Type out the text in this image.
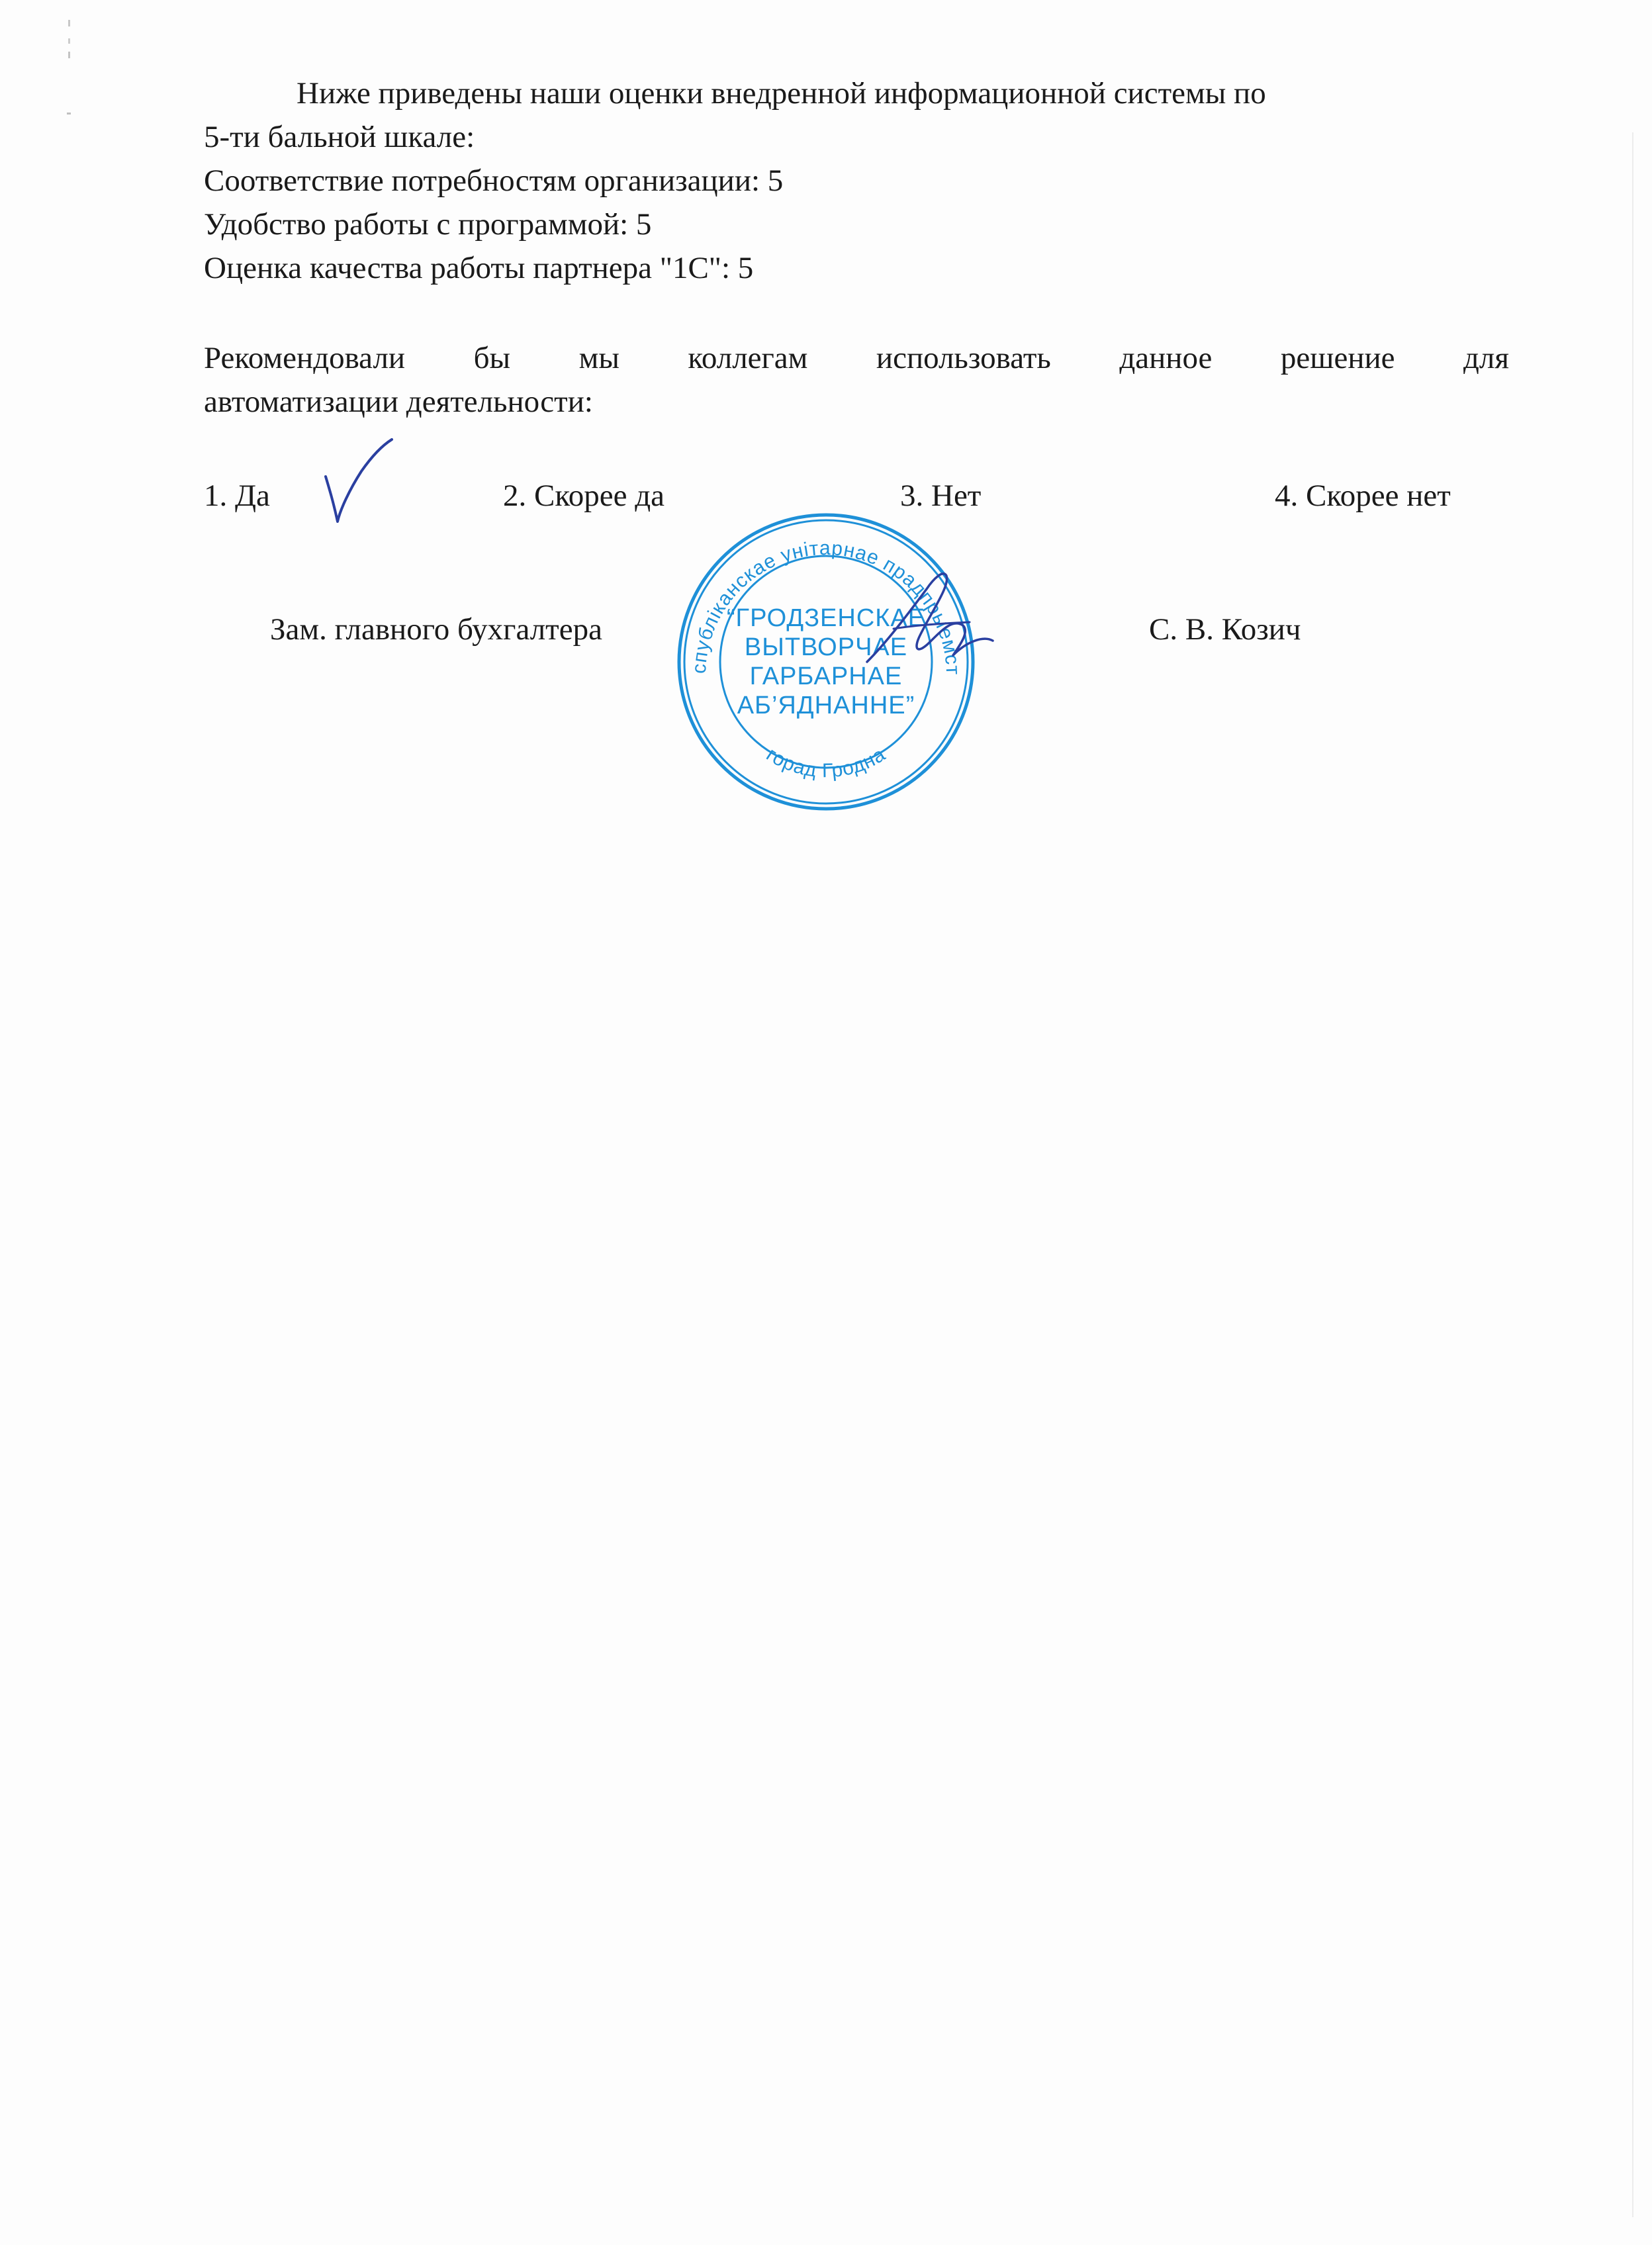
Ниже приведены наши оценки внедренной информационной системы по
5-ти бальной шкале:
Соответствие потребностям организации: 5
Удобство работы с программой: 5
Оценка качества работы партнера "1С": 5
Рекомендовали бы мы коллегам использовать данное решение для
автоматизации деятельности:
1. Да	2. Скорее да	3. Нет	4. Скорее нет
Зам. главного бухгалтера	С. В. Козич
спубліканскае унітарнае прадпрыемст
горад Гродна
“ГРОДЗЕНСКАЕ
ВЫТВОРЧАЕ
ГАРБАРНАЕ
АБ’ЯДНАННЕ”
